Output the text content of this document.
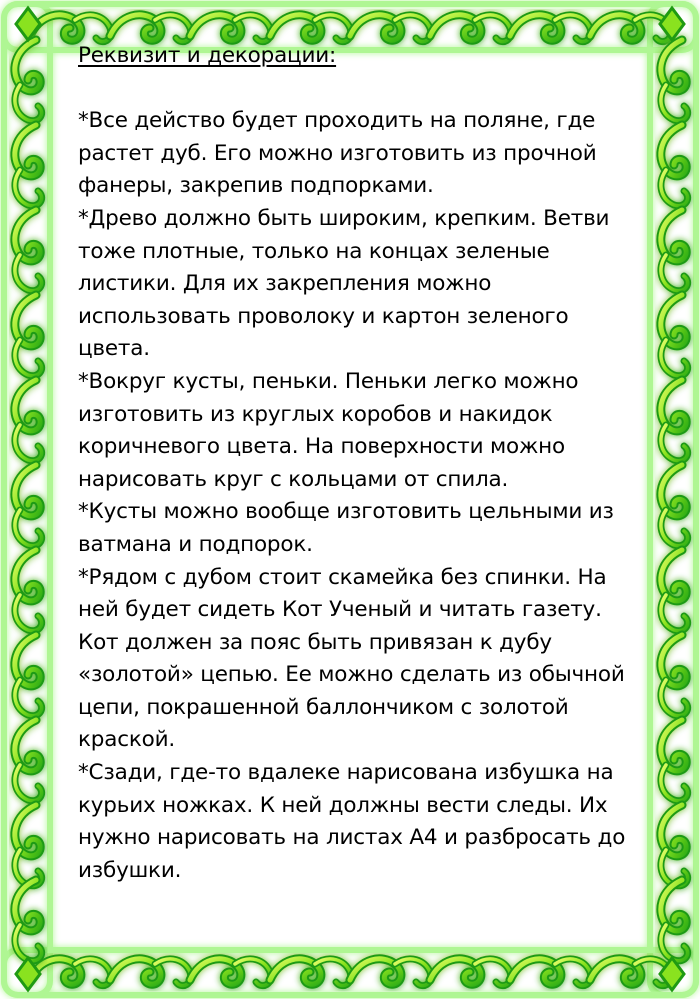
Реквизит и декорации:

*Все действо будет проходить на поляне, где растет дуб. Его можно изготовить из прочной фанеры, закрепив подпорками.

*Древо должно быть широким, крепким. Ветви тоже плотные, только на концах зеленые листики. Для их закрепления можно использовать проволоку и картон зеленого цвета.

*Вокруг кусты, пеньки. Пеньки легко можно изготовить из круглых коробов и накидок коричневого цвета. На поверхности можно нарисовать круг с кольцами от спила.

*Кусты можно вообще изготовить цельными из ватмана и подпорок.

*Рядом с дубом стоит скамейка без спинки. На ней будет сидеть Кот Ученый и читать газету. Кот должен за пояс быть привязан к дубу «золотой» цепью. Ее можно сделать из обычной цепи, покрашенной баллончиком с золотой краской.

*Сзади, где-то вдалеке нарисована избушка на курьих ножках. К ней должны вести следы. Их нужно нарисовать на листах А4 и разбросать до избушки.
